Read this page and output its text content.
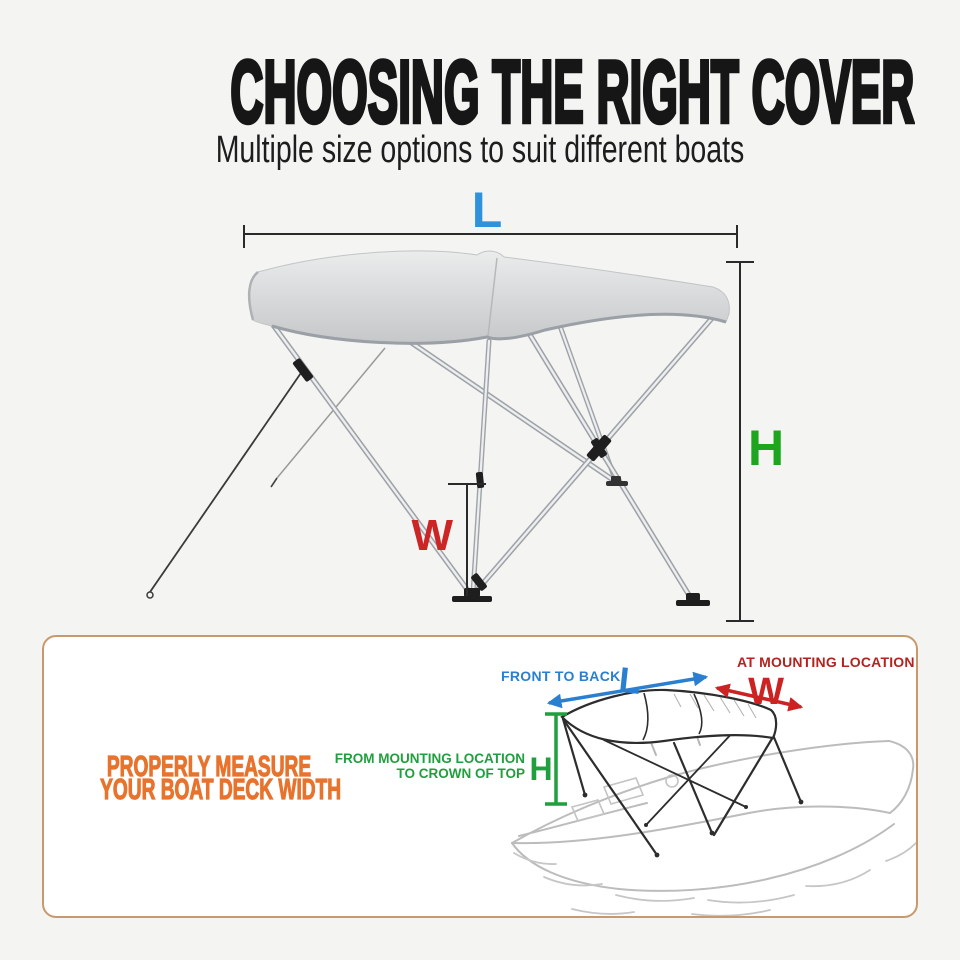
CHOOSING THE RIGHT COVER
Multiple size options to suit different boats
L
H
W
PROPERLY MEASURE
YOUR BOAT DECK WIDTH
FRONT TO BACK
L	AT MOUNTING LOCATION
W
FROM MOUNTING LOCATION
TO CROWN OF TOP H
